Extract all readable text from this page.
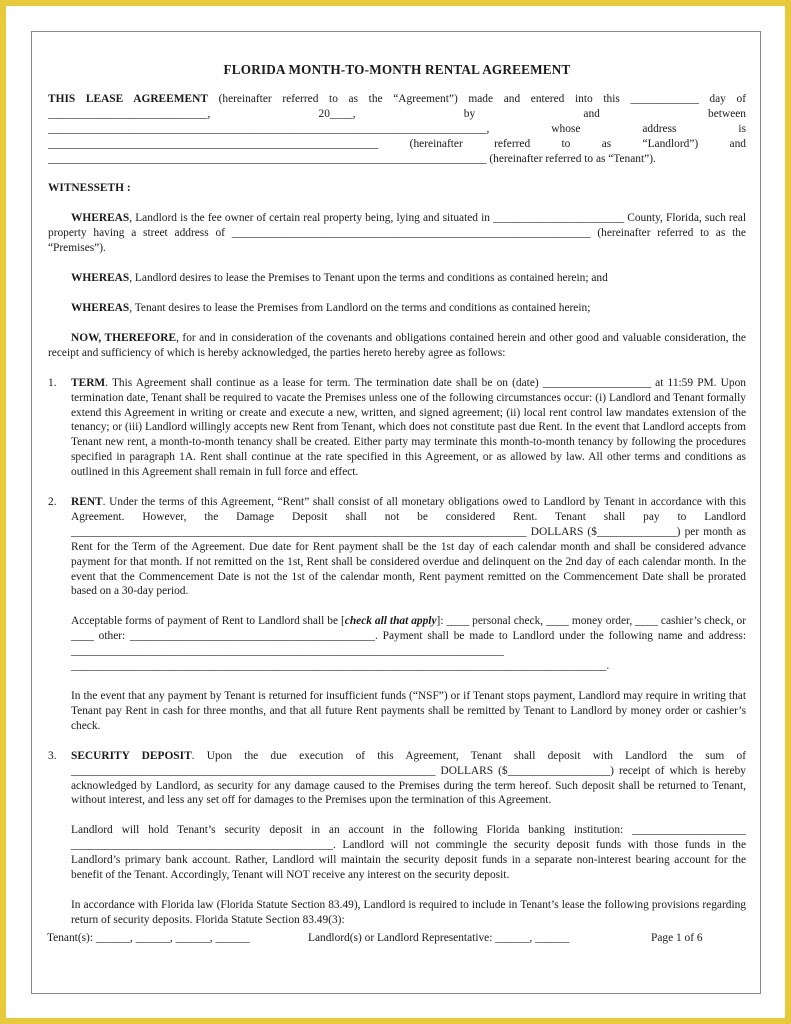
FLORIDA MONTH-TO-MONTH RENTAL AGREEMENT

THIS LEASE AGREEMENT (hereinafter referred to as the “Agreement”) made and entered into this ____________ day of ____________________________, 20____, by and between _____________________________________________________________________________, whose address is __________________________________________________________ (hereinafter referred to as “Landlord”) and _____________________________________________________________________________ (hereinafter referred to as “Tenant”).

WITNESSETH :

WHEREAS, Landlord is the fee owner of certain real property being, lying and situated in _______________________ County, Florida, such real property having a street address of _______________________________________________________________ (hereinafter referred to as the “Premises”).

WHEREAS, Landlord desires to lease the Premises to Tenant upon the terms and conditions as contained herein; and

WHEREAS, Tenant desires to lease the Premises from Landlord on the terms and conditions as contained herein;

NOW, THEREFORE, for and in consideration of the covenants and obligations contained herein and other good and valuable consideration, the receipt and sufficiency of which is hereby acknowledged, the parties hereto hereby agree as follows:

1. TERM. This Agreement shall continue as a lease for term. The termination date shall be on (date) ___________________ at 11:59 PM. Upon termination date, Tenant shall be required to vacate the Premises unless one of the following circumstances occur: (i) Landlord and Tenant formally extend this Agreement in writing or create and execute a new, written, and signed agreement; (ii) local rent control law mandates extension of the tenancy; or (iii) Landlord willingly accepts new Rent from Tenant, which does not constitute past due Rent. In the event that Landlord accepts from Tenant new rent, a month-to-month tenancy shall be created. Either party may terminate this month-to-month tenancy by following the procedures specified in paragraph 1A. Rent shall continue at the rate specified in this Agreement, or as allowed by law. All other terms and conditions as outlined in this Agreement shall remain in full force and effect.

2. RENT. Under the terms of this Agreement, “Rent” shall consist of all monetary obligations owed to Landlord by Tenant in accordance with this Agreement. However, the Damage Deposit shall not be considered Rent. Tenant shall pay to Landlord ________________________________________________________________________________ DOLLARS ($______________) per month as Rent for the Term of the Agreement. Due date for Rent payment shall be the 1st day of each calendar month and shall be considered advance payment for that month. If not remitted on the 1st, Rent shall be considered overdue and delinquent on the 2nd day of each calendar month. In the event that the Commencement Date is not the 1st of the calendar month, Rent payment remitted on the Commencement Date shall be prorated based on a 30-day period.

Acceptable forms of payment of Rent to Landlord shall be [check all that apply]: ____ personal check, ____ money order, ____ cashier’s check, or ____ other: ___________________________________________. Payment shall be made to Landlord under the following name and address: ____________________________________________________________________________ ______________________________________________________________________________________________.

In the event that any payment by Tenant is returned for insufficient funds (“NSF”) or if Tenant stops payment, Landlord may require in writing that Tenant pay Rent in cash for three months, and that all future Rent payments shall be remitted by Tenant to Landlord by money order or cashier’s check.

3. SECURITY DEPOSIT. Upon the due execution of this Agreement, Tenant shall deposit with Landlord the sum of ________________________________________________________________ DOLLARS ($__________________) receipt of which is hereby acknowledged by Landlord, as security for any damage caused to the Premises during the term hereof. Such deposit shall be returned to Tenant, without interest, and less any set off for damages to the Premises upon the termination of this Agreement.

Landlord will hold Tenant’s security deposit in an account in the following Florida banking institution: ____________________ ______________________________________________. Landlord will not commingle the security deposit funds with those funds in the Landlord’s primary bank account. Rather, Landlord will maintain the security deposit funds in a separate non-interest bearing account for the benefit of the Tenant. Accordingly, Tenant will NOT receive any interest on the security deposit.

In accordance with Florida law (Florida Statute Section 83.49), Landlord is required to include in Tenant’s lease the following provisions regarding return of security deposits. Florida Statute Section 83.49(3):

Tenant(s): ______, ______, ______, ______	Landlord(s) or Landlord Representative: ______, ______	Page 1 of 6
